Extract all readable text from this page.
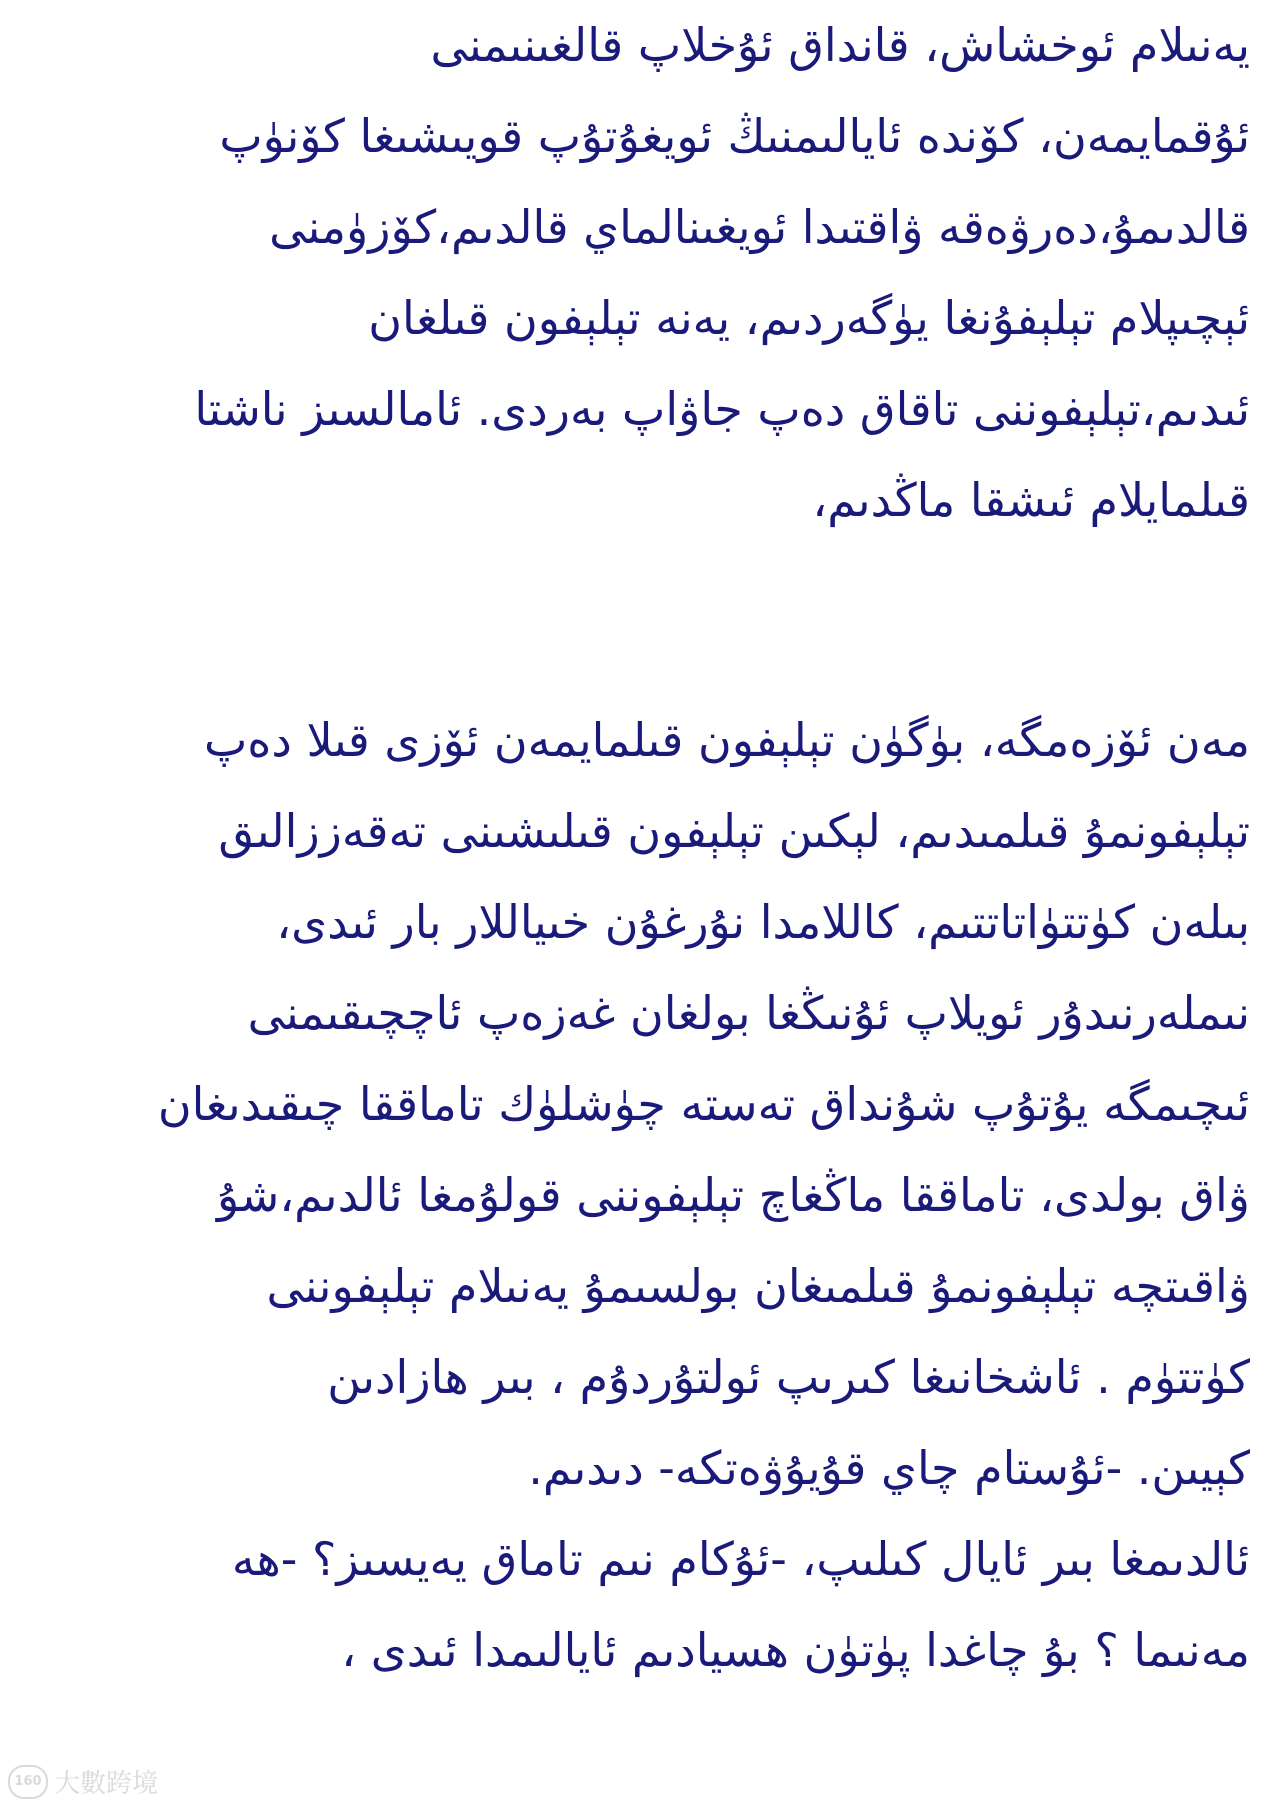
يەنىلام ئوخشاش، قانداق ئۇخلاپ قالغىنىمنى
ئۇقمايمەن، كۆندە ئايالىمنىڭ ئويغۇتۇپ قويىشىغا كۆنۈپ
قالدىمۇ،دەرۋەقە ۋاقتىدا ئويغىنالماي قالدىم،كۆزۈمنى
ئېچىپلام تېلېفۇنغا يۈگەردىم، يەنە تېلېفون قىلغان
ئىدىم،تېلېفوننى تاقاق دەپ جاۋاپ بەردى. ئامالسىز ناشتا
قىلمايلام ئىشقا ماڭدىم،
مەن ئۆزەمگە، بۈگۈن تېلېفون قىلمايمەن ئۆزى قىلا دەپ
تېلېفونمۇ قىلمىدىم، لېكىن تېلېفون قىلىشىنى تەقەززالىق
بىلەن كۈتتۈاتاتتىم، كاللامدا نۇرغۇن خىياللار بار ئىدى،
نىملەرنىدۇر ئويلاپ ئۇنىڭغا بولغان غەزەپ ئاچچىقىمنى
ئىچىمگە يۇتۇپ شۇنداق تەستە چۈشلۈك تاماققا چىقىدىغان
ۋاق بولدى، تاماققا ماڭغاچ تېلېفوننى قولۇمغا ئالدىم،شۇ
ۋاقىتچە تېلېفونمۇ قىلمىغان بولسىمۇ يەنىلام تېلېفوننى
كۈتتۈم . ئاشخانىغا كىرىپ ئولتۇردۇم ، بىر ھازادىن
كېيىن. -ئۇستام چاي قۇيۇۋەتكە- دىدىم.
ئالدىمغا بىر ئايال كىلىپ، -ئۇكام نىم تاماق يەيسىز؟ -ھە
مەنىما ؟ بۇ چاغدا پۈتۈن ھسيادىم ئايالىمدا ئىدى ،
160 大數跨境
